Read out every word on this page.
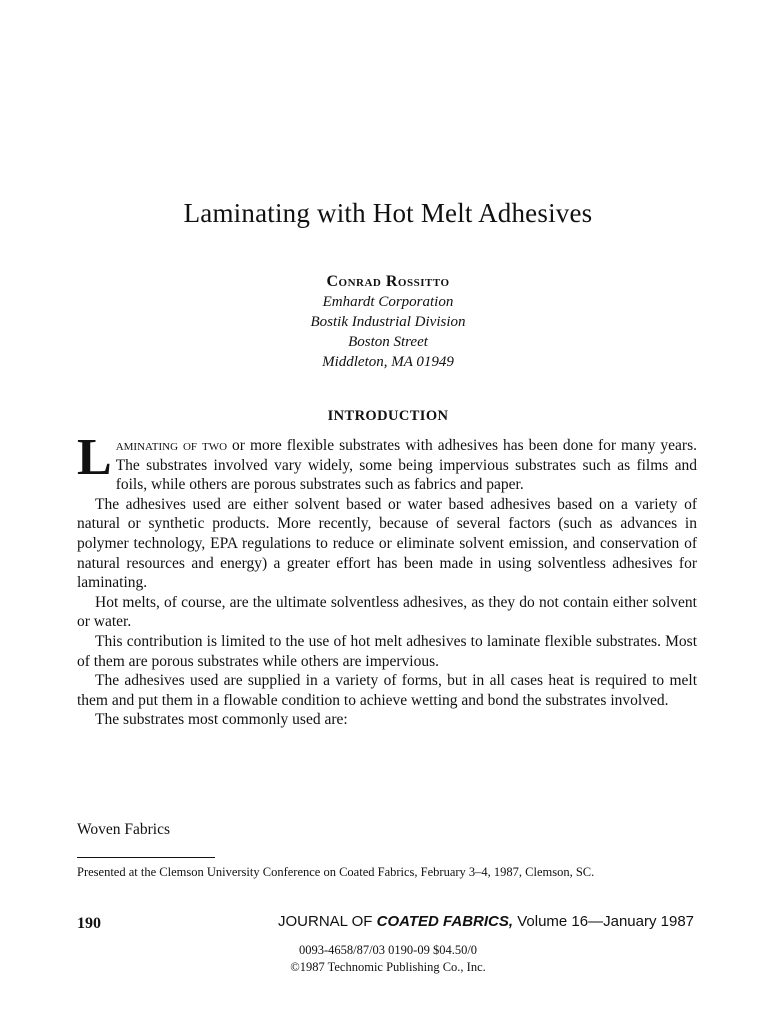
Laminating with Hot Melt Adhesives
Conrad Rossitto
Emhardt Corporation
Bostik Industrial Division
Boston Street
Middleton, MA 01949
INTRODUCTION

Laminating of two or more flexible substrates with adhesives has been done for many years. The substrates involved vary widely, some being impervious substrates such as films and foils, while others are porous substrates such as fabrics and paper.

The adhesives used are either solvent based or water based adhesives based on a variety of natural or synthetic products. More recently, because of several factors (such as advances in polymer technology, EPA regulations to reduce or eliminate solvent emission, and conservation of natural resources and energy) a greater effort has been made in using solventless adhesives for laminating.

Hot melts, of course, are the ultimate solventless adhesives, as they do not contain either solvent or water.

This contribution is limited to the use of hot melt adhesives to laminate flexible substrates. Most of them are porous substrates while others are impervious.

The adhesives used are supplied in a variety of forms, but in all cases heat is required to melt them and put them in a flowable condition to achieve wetting and bond the substrates involved.

The substrates most commonly used are:

Woven Fabrics
Presented at the Clemson University Conference on Coated Fabrics, February 3–4, 1987, Clemson, SC.
190	JOURNAL OF COATED FABRICS, Volume 16—January 1987
0093-4658/87/03 0190-09 $04.50/0
©1987 Technomic Publishing Co., Inc.
